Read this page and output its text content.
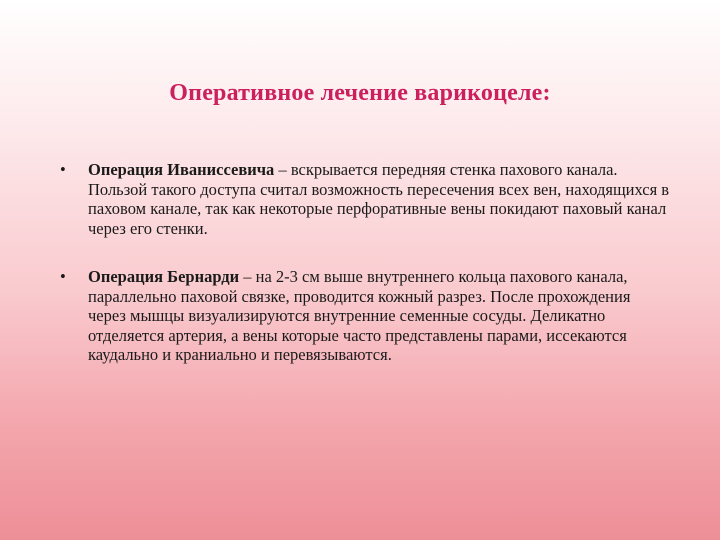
Оперативное лечение варикоцеле:
• Операция Иваниссевича – вскрывается передняя стенка пахового канала. Пользой такого доступа считал возможность пересечения всех вен, находящихся в паховом канале, так как некоторые перфоративные вены покидают паховый канал через его стенки.
• Операция Бернарди – на 2-3 см выше внутреннего кольца пахового канала, параллельно паховой связке, проводится кожный разрез. После прохождения через мышцы визуализируются внутренние семенные сосуды. Деликатно отделяется артерия, а вены которые часто представлены парами, иссекаются каудально и краниально и перевязываются.
